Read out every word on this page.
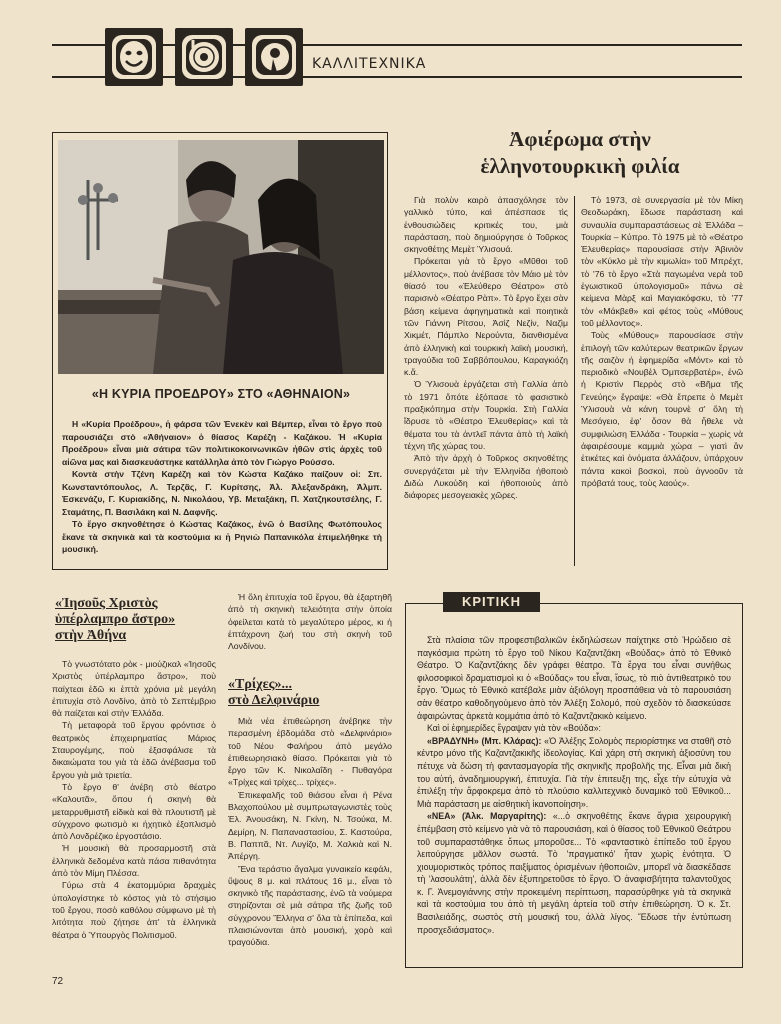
ΚΑΛΛΙΤΕΧΝΙΚΑ
«Η ΚΥΡΙΑ ΠΡΟΕΔΡΟΥ» ΣΤΟ «ΑΘΗΝΑΙΟΝ»

Η «Κυρία Προέδρου», ἡ φάρσα τῶν Ἐνεκὲν καὶ Βέμπερ, εἶναι τὸ ἔργο ποὺ παρουσιάζει στὸ «Ἀθήναιον» ὁ θίασος Καρέζη - Καζάκου. Ἡ «Κυρία Προέδρου» εἶναι μιὰ σάτιρα τῶν πολιτικοκοινωνικῶν ἠθῶν στὶς ἀρχὲς τοῦ αἰῶνα μας καὶ διασκευάστηκε κατάλληλα ἀπὸ τὸν Γιώργο Ρούσσο.

Κοντὰ στὴν Τζένη Καρέζη καὶ τὸν Κώστα Καζάκο παίζουν οἱ: Σπ. Κωνσταντόπουλος, Λ. Τερζᾶς, Γ. Κυρίτσης, Ἀλ. Ἀλεξανδράκη, Ἀλμπ. Ἐσκενάζυ, Γ. Κυριακίδης, Ν. Νικολάου, Υβ. Μεταξάκη, Π. Χατζηκουτσέλης, Γ. Σταμάτης, Π. Βασιλάκη καὶ Ν. Δαφνῆς.

Τὸ ἔργο σκηνοθέτησε ὁ Κώστας Καζάκος, ἐνῶ ὁ Βασίλης Φωτόπουλος ἔκανε τὰ σκηνικὰ καὶ τὰ κοστούμια κι ἡ Ρηνιὼ Παπανικόλα ἐπιμελήθηκε τὴ μουσική.

Ἀφιέρωμα στὴν
ἑλληνοτουρκικὴ φιλία

Γιὰ πολὺν καιρὸ ἀπασχόλησε τὸν γαλλικὸ τύπο, καὶ ἀπέσπασε τὶς ἐνθουσιώδεις κριτικές του, μιὰ παράσταση, ποὺ δημιούργησε ὁ Τοῦρκος σκηνοθέτης Μεμὲτ Ὑλισουά.

Πρόκειται γιὰ τὸ ἔργο «Μῦθοι τοῦ μέλλοντος», ποὺ ἀνέβασε τὸν Μάιο μὲ τὸν θίασό του «Ἐλεύθερο Θέατρο» στὸ παρισινὸ «Θέατρο Ρὰπ». Τὸ ἔργο ἔχει σὰν βάση κείμενα ἀφηγηματικὰ καὶ ποιητικὰ τῶν Γιάννη Ρίτσου, Ἀσὶζ Νεζίν, Ναζὶμ Χικμέτ, Πάμπλο Νερούντα, διανθισμένα ἀπὸ ἑλληνικὴ καὶ τουρκικὴ λαϊκὴ μουσική, τραγούδια τοῦ Σαββόπουλου, Καραγκιόζη κ.ἄ.

Ὁ Ὑλισουὰ ἐργάζεται στὴ Γαλλία ἀπὸ τὸ 1971 ὅπότε ἐξόπασε τὸ φασιστικὸ πραξικόπημα στὴν Τουρκία. Στὴ Γαλλία ἵδρυσε τὸ «Θέατρο Ἐλευθερίας» καὶ τὰ θέματα του τὰ ἀντλεῖ πάντα ἀπὸ τὴ λαϊκὴ τέχνη τῆς χώρας του.

Ἀπὸ τὴν ἀρχὴ ὁ Τοῦρκος σκηνοθέτης συνεργάζεται μὲ τὴν Ἑλληνίδα ἠθοποιὸ Διδὼ Λυκούδη καὶ ἠθοποιοὺς ἀπὸ διάφορες μεσογειακὲς χῶρες.

Τὸ 1973, σὲ συνεργασία μὲ τὸν Μίκη Θεοδωράκη, ἔδωσε παράσταση καὶ συναυλία συμπαραστάσεως σὲ Ἑλλάδα – Τουρκία – Κύπρο. Τὸ 1975 μὲ τὸ «Θέατρο Ἐλευθερίας» παρουσίασε στὴν Ἀβινιὸν τὸν «Κύκλο μὲ τὴν κιμωλία» τοῦ Μπρέχτ, τὸ '76 τὸ ἔργο «Στὰ παγωμένα νερὰ τοῦ ἐγωιστικοῦ ὑπολογισμοῦ» πάνω σὲ κείμενα Μὰρξ καὶ Μαγιακόφσκυ, τὸ '77 τὸν «Μάκβεθ» καὶ φέτος τοὺς «Μύθους τοῦ μέλλοντος».

Τοὺς «Μύθους» παρουσίασε στὴν ἐπιλογὴ τῶν καλύτερων θεατρικῶν ἔργων τῆς σαιζὸν ἡ ἐφημερίδα «Μόντ» καὶ τὸ περιοδικὸ «Νουβὲλ Ὀμπσερβατέρ», ἐνῶ ἡ Κριστὶν Περρὸς στὸ «Βῆμα τῆς Γενεύης» ἔγραψε: «Θὰ ἔπρεπε ὁ Μεμὲτ Ὑλισουὰ νὰ κάνη τουρνὲ σ' ὅλη τὴ Μεσόγειο, ἐφ' ὅσον θὰ ἤθελε νὰ συμφιλιώση Ἑλλάδα - Τουρκία – χωρὶς νὰ ἀφαιρέσουμε καμμιὰ χώρα – γιατὶ ἂν ἐτικέτες καὶ ὀνόματα ἀλλάζουν, ὑπάρχουν πάντα κακοὶ βοσκοὶ, ποὺ ἀγνοοῦν τὰ πρόβατά τους, τοὺς λαούς».

«Ἰησοῦς Χριστὸς
ὑπέρλαμπρο ἄστρο»
στὴν Ἀθήνα

Τὸ γνωστότατο ρὸκ - μιούζικαλ «Ἰησοῦς Χριστὸς ὑπέρλαμπρο ἄστρο», ποὺ παίχτεαι ἐδῶ κι ἑπτὰ χρόνια μὲ μεγάλη ἐπιτυχία στὸ Λονδίνο, ἀπὸ τὸ Σεπτέμβριο θὰ παίζεται καὶ στὴν Ἑλλάδα.

Τὴ μεταφορὰ τοῦ ἔργου φρόντισε ὁ θεατρικὸς ἐπιχειρηματίας Μάριος Σταυρογέμης, ποὺ ἐξασφάλισε τὰ δικαιώματα του γιὰ τὰ ἐδῶ ἀνέβασμα τοῦ ἔργου γιὰ μιὰ τριετία.

Τὸ ἔργο θ' ἀνέβη στὸ θέατρο «Καλουτᾶ», ὅπου ἡ σκηνὴ θὰ μεταρρυθμιστῆ εἰδικὰ καὶ θὰ πλουτιστῆ μὲ σύγχρονο φωτισμὸ κι ἠχητικὸ ἐξοπλισμὸ ἀπὸ Λονδρέζικο ἐργοστάσιο.

Ἡ μουσικὴ θὰ προσαρμοστῆ στὰ ἑλληνικὰ δεδομένα κατὰ πάσα πιθανότητα ἀπὸ τὸν Μίμη Πλέσσα.

Γύρω στὰ 4 ἑκατομμύρια δραχμὲς ὑπολογίστηκε τὸ κόστος γιὰ τὸ στήσιμο τοῦ ἔργου, ποσὸ καθόλου σύμφωνο μὲ τὴ λιτότητα ποὺ ζήτησε ἀπ' τὰ ἑλληνικὰ θέατρα ὁ Ὑπουργὸς Πολιτισμοῦ.

Ἡ ὅλη ἐπιτυχία τοῦ ἔργου, θὰ ἐξαρτηθῆ ἀπὸ τὴ σκηνικὴ τελειότητα στὴν ὁποία ὀφείλεται κατὰ τὸ μεγαλύτερο μέρος, κι ἡ ἑπτάχρονη ζωή του στὴ σκηνὴ τοῦ Λονδίνου.

«Τρίχες»...
στὸ Δελφινάριο

Μιὰ νέα ἐπιθεώρηση ἀνέβηκε τὴν περασμένη ἑβδομάδα στὸ «Δελφινάριο» τοῦ Νέου Φαλήρου ἀπὸ μεγάλο ἐπιθεωρησιακὸ θίασο. Πρόκειται γιὰ τὸ ἔργο τῶν Κ. Νικολαΐδη - Πυθαγόρα «Τρίχες καὶ τρίχες... τρίχες».

Ἐπικεφαλῆς τοῦ θιάσου εἶναι ἡ Ρένα Βλαχοπούλου μὲ συμπρωταγωνιστὲς τοὺς Ἐλ. Ἀνουσάκη, Ν. Γκίνη, Ν. Τσούκα, Μ. Δεμίρη, Ν. Παπαναστασίου, Σ. Καστούρα, Β. Παππᾶ, Ντ. Λυγίζο, Μ. Χαλκιὰ καὶ Ν. Ἀπέργη.

Ἕνα τεράστιο ἄγαλμα γυναικείο κεφάλι, ὕψους 8 μ. καὶ πλάτους 16 μ., εἶναι τὸ σκηνικὸ τῆς παράστασης, ἐνῶ τὰ νούμερα στηρίζονται σὲ μιὰ σάτιρα τῆς ζωῆς τοῦ σύγχρονου Ἕλληνα σ' ὅλα τὰ ἐπίπεδα, καὶ πλαισιώνονται ἀπὸ μουσική, χορὸ καὶ τραγούδια.

ΚΡΙΤΙΚΗ

Στὰ πλαίσια τῶν προφεστιβαλικῶν ἐκδηλώσεων παίχτηκε στὸ Ἡρώδειο σὲ παγκόσμια πρώτη τὸ ἔργο τοῦ Νίκου Καζαντζάκη «Βούδας» ἀπὸ τὸ Ἐθνικὸ Θέατρο. Ὁ Καζαντζάκης δὲν γράφει θέατρο. Τὰ ἔργα του εἶναι συνήθως φιλοσοφικοὶ δραματισμοὶ κι ὁ «Βούδας» του εἶναι, ἴσως, τὸ πιὸ ἀντιθεατρικὸ του ἔργο. Ὅμως τὸ Ἐθνικὸ κατέβαλε μιὰν ἀξιόλογη προσπάθεια νὰ τὸ παρουσιάση σὰν θέατρο καθοδηγούμενο ἀπὸ τὸν Ἀλέξη Σολομό, ποὺ σχεδὸν τὸ διασκεύασε ἀφαιρώντας ἀρκετὰ κομμάτια ἀπὸ τὸ Καζαντζακικὸ κείμενο.

Καὶ οἱ ἐφημερίδες ἔγραψαν γιὰ τὸν «Βούδα»:

«ΒΡΑΔΥΝΗ» (Μπ. Κλάρας): «Ὁ Ἀλέξης Σολομὸς περιορίστηκε να σταθῆ στὸ κέντρο μόνο τῆς Καζαντζακικῆς ἰδεολογίας. Καὶ χάρη στὴ σκηνικὴ ἀξιοσύνη του πέτυχε νὰ δώση τὴ φαντασμαγορία τῆς σκηνικῆς προβολῆς της. Εἶναι μιὰ δικὴ του αὐτή, ἀναδημιουργική, ἐπιτυχία. Γιὰ τὴν ἐπιτευξη της, εἶχε τὴν εὐτυχία νὰ ἐπιλέξη τὴν ἄρφοκρεμα ἀπὸ τὸ πλούσιο καλλιτεχνικὸ δυναμικὸ τοῦ Ἐθνικοῦ... Μιὰ παράσταση με αἰσθητικὴ ἱκανοποίηση».

«ΝΕΑ» (Ἀλκ. Μαργαρίτης): «...ὁ σκηνοθέτης ἔκανε ἄγρια χειρουργικὴ ἐπέμβαση στὸ κείμενο γιὰ νὰ τὸ παρουσιάση, καὶ ὁ θίασος τοῦ Ἐθνικοῦ Θεάτρου τοῦ συμπαραστάθηκε ὅπως μποροῦσε... Τὸ «φανταστικὸ ἐπίπεδο τοῦ ἔργου λειτούργησε μᾶλλον σωστά. Τὸ 'πραγματικό' ἦταν χωρὶς ἑνότητα. Ὁ χιουμοριστικὸς τρόπος παιξίματος ὁρισμένων ἠθοποιῶν, μπορεῖ νὰ διασκέδασε τὴ 'λασουλάτη', ἀλλὰ δὲν ἐξυπηρετοῦσε τὸ ἔργο. Ὁ ἀναφισβήτητα ταλαντοῦχος κ. Γ. Ἀνεμογιάννης στὴν προκειμένη περίπτωση, παρασύρθηκε γιὰ τὰ σκηνικὰ καὶ τὰ κοστούμια του ἀπὸ τὴ μεγάλη ἀρτεία τοῦ στὴν ἐπιθεώρηση. Ὁ κ. Στ. Βασιλειάδης, σωστὸς στὴ μουσική του, ἀλλὰ λίγος. Ἔδωσε τὴν ἐντύπωση προσχεδιάσματος».

72
